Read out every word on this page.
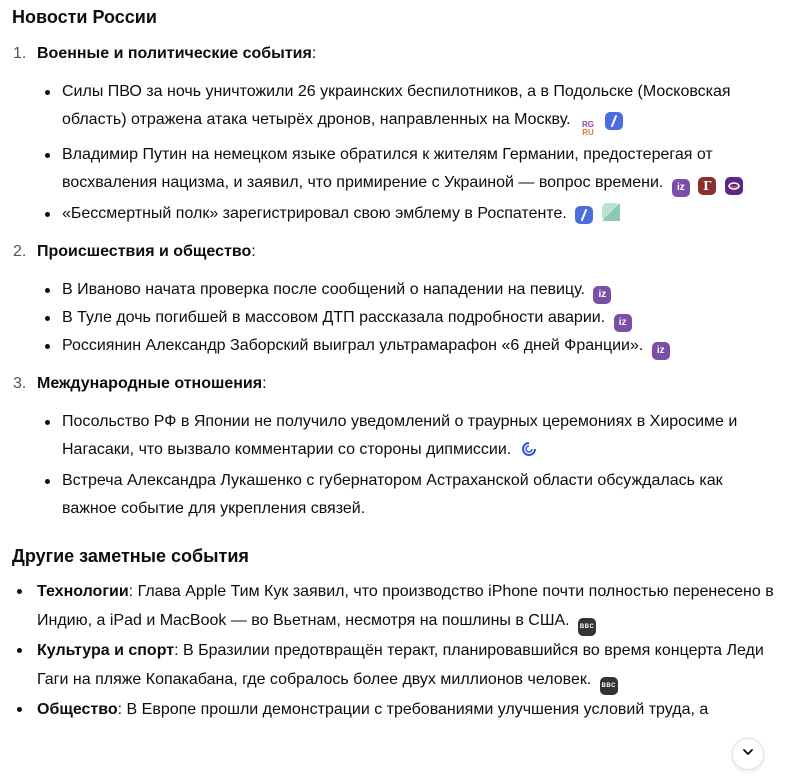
Новости России
1. Военные и политические события:
Силы ПВО за ночь уничтожили 26 украинских беспилотников, а в Подольске (Московская область) отражена атака четырёх дронов, направленных на Москву. RG
RU

Владимир Путин на немецком языке обратился к жителям Германии, предостерегая от восхваления нацизма, и заявил, что примирение с Украиной — вопрос времени. iz Г
«Бессмертный полк» зарегистрировал свою эмблему в Роспатенте.

2. Происшествия и общество:
В Иваново начата проверка после сообщений о нападении на певицу. iz
В Туле дочь погибшей в массовом ДТП рассказала подробности аварии. iz
Россиянин Александр Заборский выиграл ультрамарафон «6 дней Франции». iz
3. Международные отношения:
Посольство РФ в Японии не получило уведомлений о траурных церемониях в Хиросиме и Нагасаки, что вызвало комментарии со стороны дипмиссии.
Встреча Александра Лукашенко с губернатором Астраханской области обсуждалась как важное событие для укрепления связей.
Другие заметные события
Технологии: Глава Apple Тим Кук заявил, что производство iPhone почти полностью перенесено в Индию, а iPad и MacBook — во Вьетнам, несмотря на пошлины в США. BBC
Культура и спорт: В Бразилии предотвращён теракт, планировавшийся во время концерта Леди Гаги на пляже Копакабана, где собралось более двух миллионов человек. BBC
Общество: В Европе прошли демонстрации с требованиями улучшения условий труда, а
